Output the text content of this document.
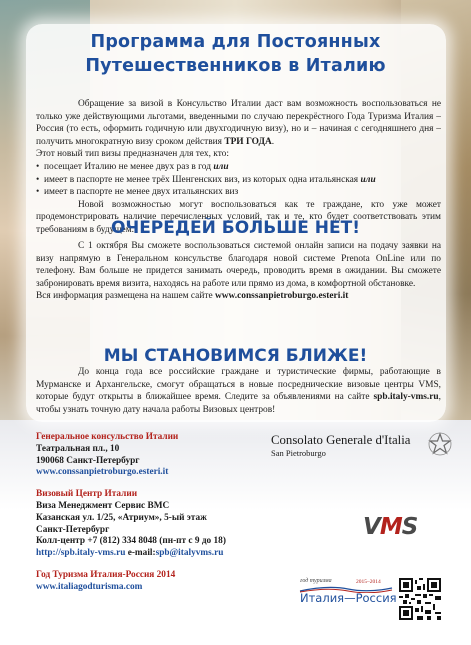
Программа для Постоянных
Путешественников в Италию

Обращение за визой в Консульство Италии даст вам возможность воспользоваться не только уже действующими льготами, введенными по случаю перекрёстного Года Туризма Италия – Россия (то есть, оформить годичную или двухгодичную визу), но и – начиная с сегодняшнего дня – получить многократную визу сроком действия ТРИ ГОДА.

Этот новый тип визы предназначен для тех, кто:

• посещает Италию не менее двух раз в год или
• имеет в паспорте не менее трёх Шенгенских виз, из которых одна итальянская или
• имеет в паспорте не менее двух итальянских виз

Новой возможностью могут воспользоваться как те граждане, кто уже может продемонстрировать наличие перечисленных условий, так и те, кто будет соответствовать этим требованиям в будущем.

ОЧЕРЕДЕЙ БОЛЬШЕ НЕТ!

С 1 октября Вы сможете воспользоваться системой онлайн записи на подачу заявки на визу напрямую в Генеральном консульстве благодаря новой системе Prenota OnLine или по телефону. Вам больше не придется занимать очередь, проводить время в ожидании. Вы сможете забронировать время визита, находясь на работе или прямо из дома, в комфортной обстановке.

Вся информация размещена на нашем сайте www.conssanpietroburgo.esteri.it

МЫ СТАНОВИМСЯ БЛИЖЕ!

До конца года все российские граждане и туристические фирмы, работающие в Мурманске и Архангельске, смогут обращаться в новые посреднические визовые центры VMS, которые будут открыты в ближайшее время. Следите за объявлениями на сайте spb.italy-vms.ru, чтобы узнать точную дату начала работы Визовых центров!

Генеральное консульство Италии
Театральная пл., 10
190068 Санкт-Петербург
www.conssanpietroburgo.esteri.it
Визовый Центр Италии
Виза Менеджмент Сервис ВМС
Казанская ул. 1/25, «Атриум», 5-ый этаж
Санкт-Петербург
Колл-центр +7 (812) 334 8048 (пн-пт с 9 до 18)
http://spb.italy-vms.ru e-mail:spb@italyvms.ru
Год Туризма Италия-Россия 2014
www.italiagodturisma.com
Consolato Generale d'Italia
San Pietroburgo
VMS
год туризма	2015–2014
Италия—Россия
